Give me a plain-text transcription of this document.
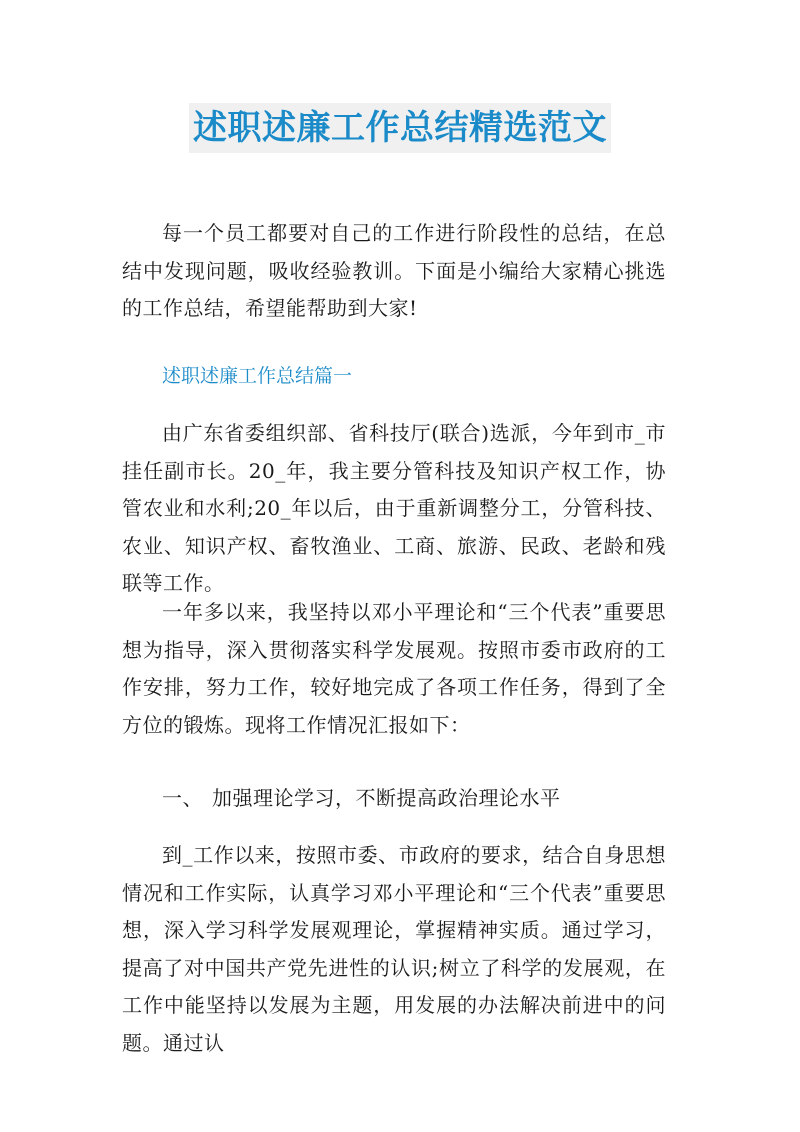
述职述廉工作总结精选范文
每一个员工都要对自己的工作进行阶段性的总结，在总结中发现问题，吸收经验教训。下面是小编给大家精心挑选的工作总结，希望能帮助到大家!
述职述廉工作总结篇一
由广东省委组织部、省科技厅(联合)选派，今年到市_市挂任副市长。20_年，我主要分管科技及知识产权工作，协管农业和水利;20_年以后，由于重新调整分工，分管科技、农业、知识产权、畜牧渔业、工商、旅游、民政、老龄和残联等工作。
一年多以来，我坚持以邓小平理论和“三个代表”重要思想为指导，深入贯彻落实科学发展观。按照市委市政府的工作安排，努力工作，较好地完成了各项工作任务，得到了全方位的锻炼。现将工作情况汇报如下：
一、 加强理论学习，不断提高政治理论水平
到_工作以来，按照市委、市政府的要求，结合自身思想情况和工作实际，认真学习邓小平理论和“三个代表”重要思想，深入学习科学发展观理论，掌握精神实质。通过学习，提高了对中国共产党先进性的认识;树立了科学的发展观，在工作中能坚持以发展为主题，用发展的办法解决前进中的问题。通过认
